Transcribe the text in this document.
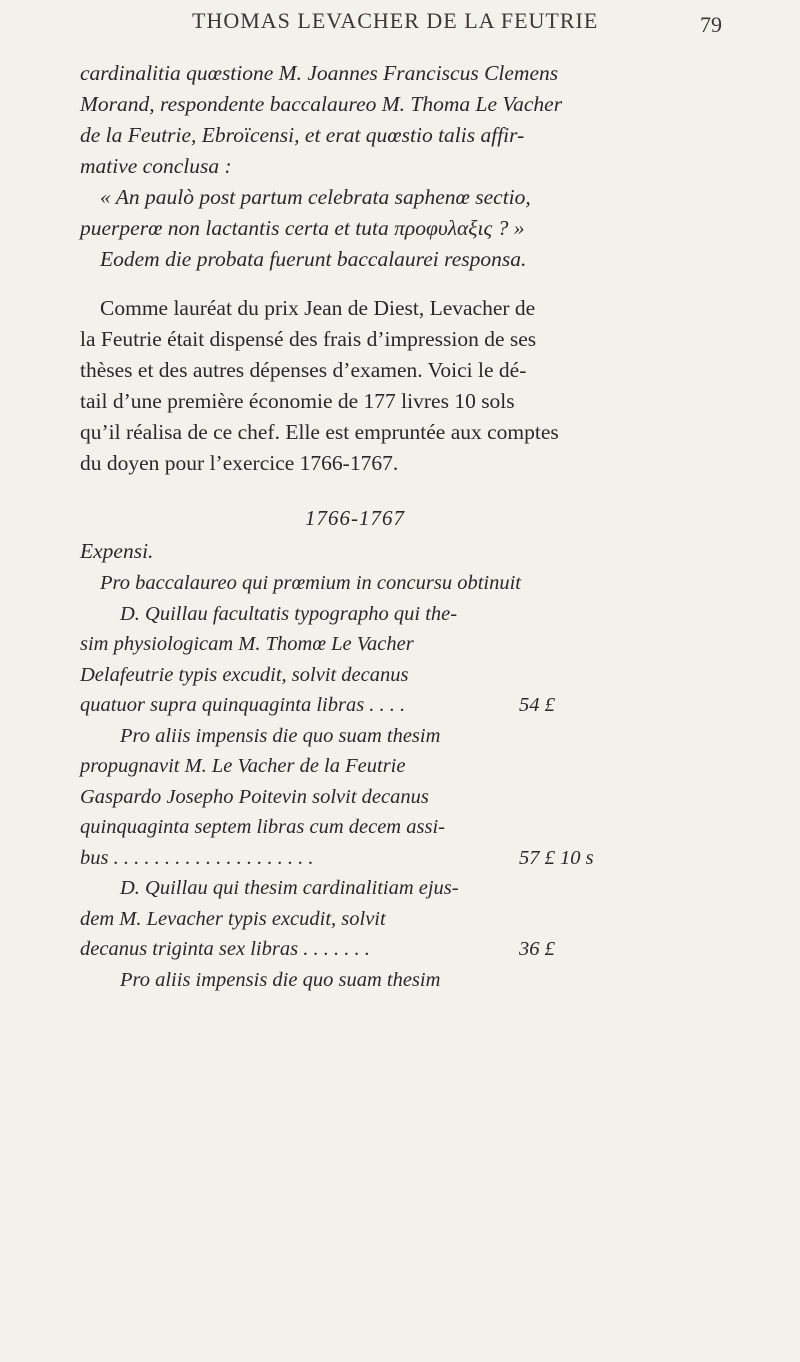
THOMAS LEVACHER DE LA FEUTRIE	79

cardinalitia quœstione M. Joannes Franciscus Clemens
Morand, respondente baccalaureo M. Thoma Le Vacher
de la Feutrie, Ebroïcensi, et erat quœstio talis affir-
mative conclusa :
« An paulò post partum celebrata saphenœ sectio,
puerperœ non lactantis certa et tuta προφυλαξις ? »
Eodem die probata fuerunt baccalaurei responsa.

Comme lauréat du prix Jean de Diest, Levacher de
la Feutrie était dispensé des frais d’impression de ses
thèses et des autres dépenses d’examen. Voici le dé-
tail d’une première économie de 177 livres 10 sols
qu’il réalisa de ce chef. Elle est empruntée aux comptes
du doyen pour l’exercice 1766-1767.
1766-1767
Expensi.
Pro baccalaureo qui prœmium in concursu obtinuit
D. Quillau facultatis typographo qui the-
sim physiologicam M. Thomœ Le Vacher
Delafeutrie typis excudit, solvit decanus
quatuor supra quinquaginta libras . . . .	54 £
Pro aliis impensis die quo suam thesim
propugnavit M. Le Vacher de la Feutrie
Gaspardo Josepho Poitevin solvit decanus
quinquaginta septem libras cum decem assi-
bus . . . . . . . . . . . . . . . . . . . .	57 £ 10 s
D. Quillau qui thesim cardinalitiam ejus-
dem M. Levacher typis excudit, solvit
decanus triginta sex libras . . . . . . .	36 £
Pro aliis impensis die quo suam thesim
